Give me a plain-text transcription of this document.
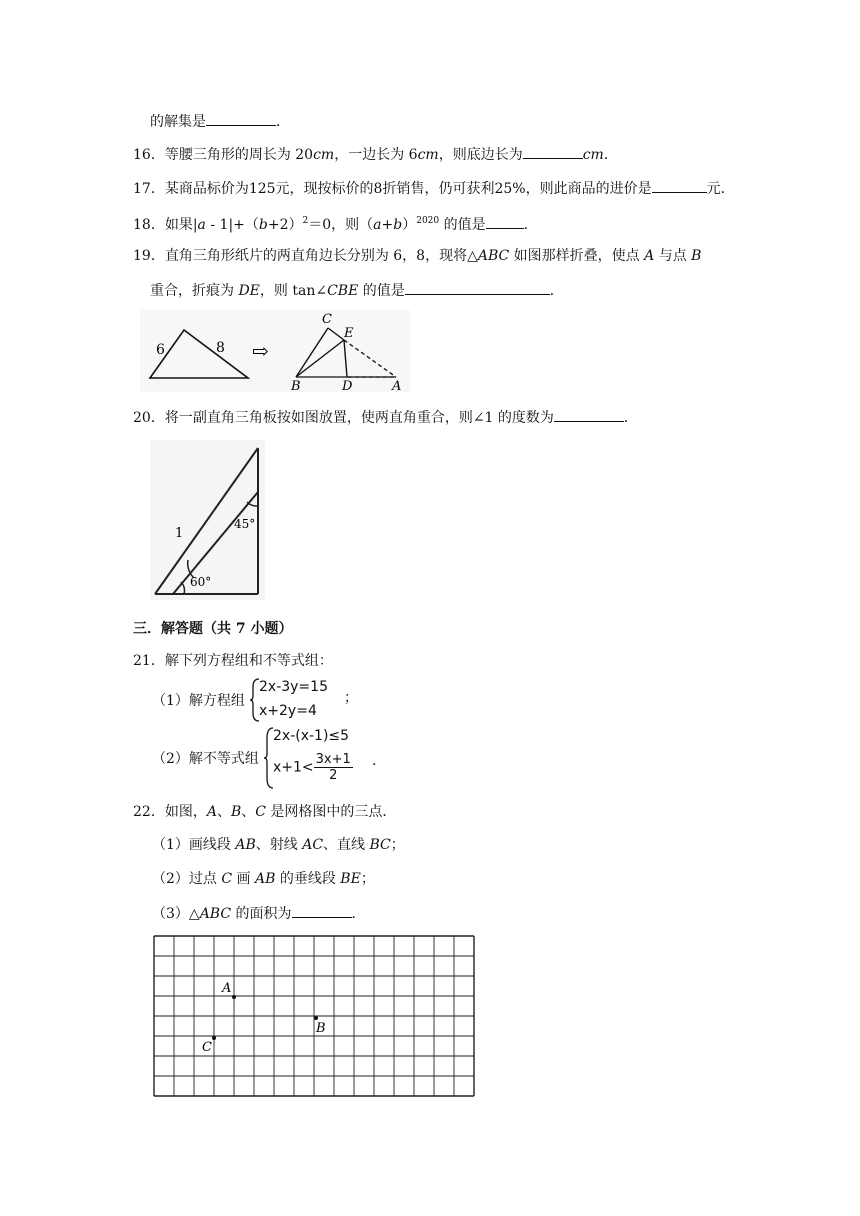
的解集是	．
16．等腰三角形的周长为 20cm，一边长为 6cm，则底边长为	cm．
17．某商品标价为125元，现按标价的8折销售，仍可获利25%，则此商品的进价是	元．
18．如果$|a - 1|+(b+2)^2=0$，则$(a+b)^{2020}$ 的值是	．
19．直角三角形纸片的两直角边长分别为 6，8，现将△ABC 如图那样折叠，使点 A 与点 B
重合，折痕为 DE，则 tan∠CBE 的值是	．
6	8 ⇨
C
E
B	D	A
20．将一副直角三角板按如图放置，使两直角重合，则∠1 的度数为	．
1
45°
60°
三．解答题（共 7 小题）
21．解下列方程组和不等式组：
（1）解方程组
2x-3y=15
x+2y=4
；
（2）解不等式组
2x-(x-1)≤5
$x+1< \frac{3x+1}{2}$ .
22．如图，A、B、C 是网格图中的三点．
（1）画线段 AB、射线 AC、直线 BC；
（2）过点 C 画 AB 的垂线段 BE；
（3）△ABC 的面积为	．
A
B
C
